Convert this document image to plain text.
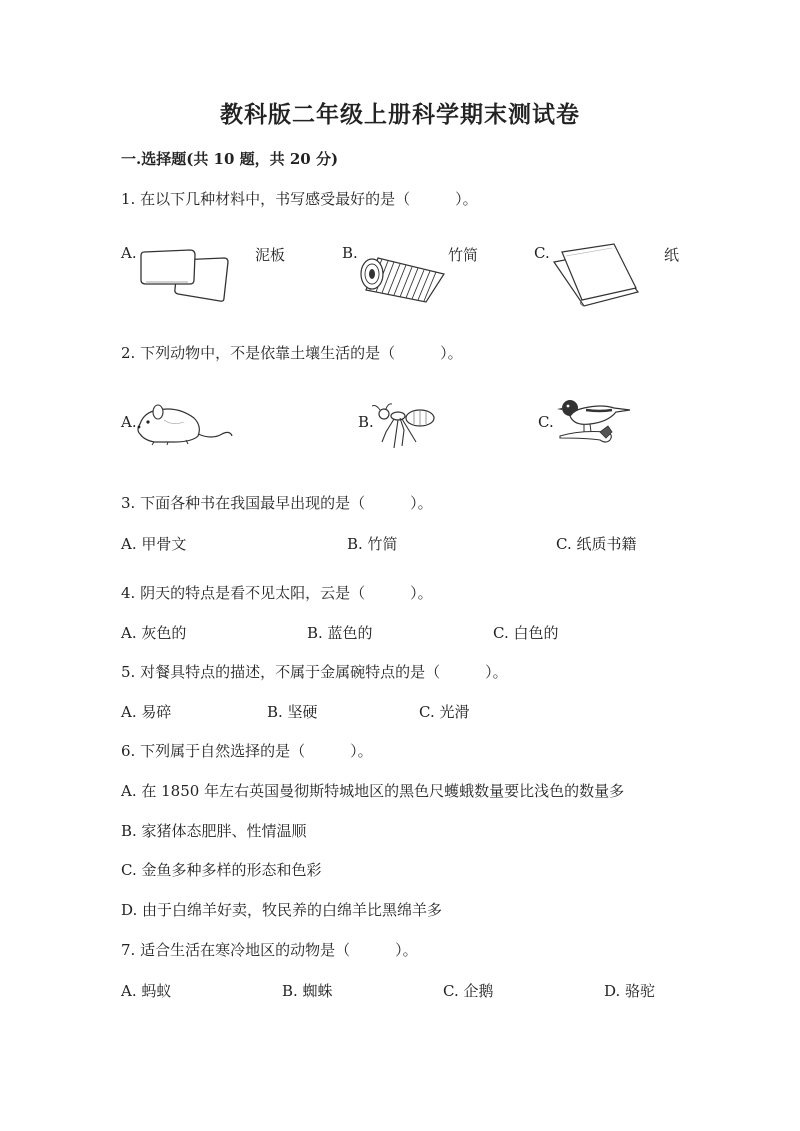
教科版二年级上册科学期末测试卷
一.选择题(共 10 题，共 20 分)
1. 在以下几种材料中，书写感受最好的是（　　　）。
A.	泥板	B.	竹简	C.	纸
2. 下列动物中，不是依靠土壤生活的是（　　　）。
A.	B.	C.
3. 下面各种书在我国最早出现的是（　　　）。
A. 甲骨文	B. 竹简	C. 纸质书籍
4. 阴天的特点是看不见太阳，云是（　　　）。
A. 灰色的	B. 蓝色的	C. 白色的
5. 对餐具特点的描述，不属于金属碗特点的是（　　　）。
A. 易碎	B. 坚硬	C. 光滑
6. 下列属于自然选择的是（　　　）。
A. 在 1850 年左右英国曼彻斯特城地区的黑色尺蠖蛾数量要比浅色的数量多
B. 家猪体态肥胖、性情温顺
C. 金鱼多种多样的形态和色彩
D. 由于白绵羊好卖，牧民养的白绵羊比黑绵羊多
7. 适合生活在寒冷地区的动物是（　　　）。
A. 蚂蚁	B. 蜘蛛	C. 企鹅	D. 骆驼
